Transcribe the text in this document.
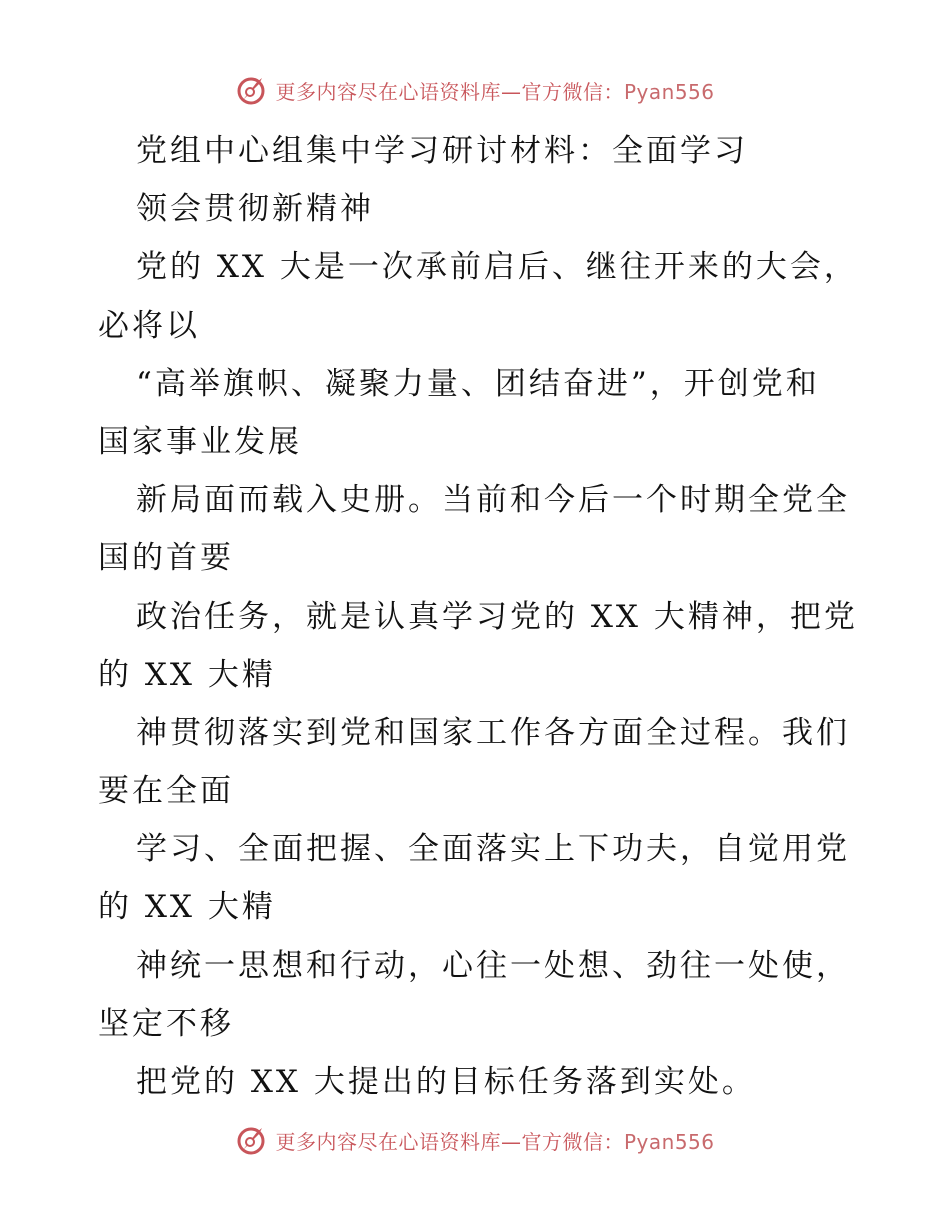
更多内容尽在心语资料库—官方微信：Pyan556
党组中心组集中学习研讨材料：全面学习
领会贯彻新精神
党的 XX 大是一次承前启后、继往开来的大会，
必将以
“高举旗帜、凝聚力量、团结奋进”，开创党和
国家事业发展
新局面而载入史册。当前和今后一个时期全党全
国的首要
政治任务，就是认真学习党的 XX 大精神，把党
的 XX 大精
神贯彻落实到党和国家工作各方面全过程。我们
要在全面
学习、全面把握、全面落实上下功夫，自觉用党
的 XX 大精
神统一思想和行动，心往一处想、劲往一处使，
坚定不移
把党的 XX 大提出的目标任务落到实处。
更多内容尽在心语资料库—官方微信：Pyan556
